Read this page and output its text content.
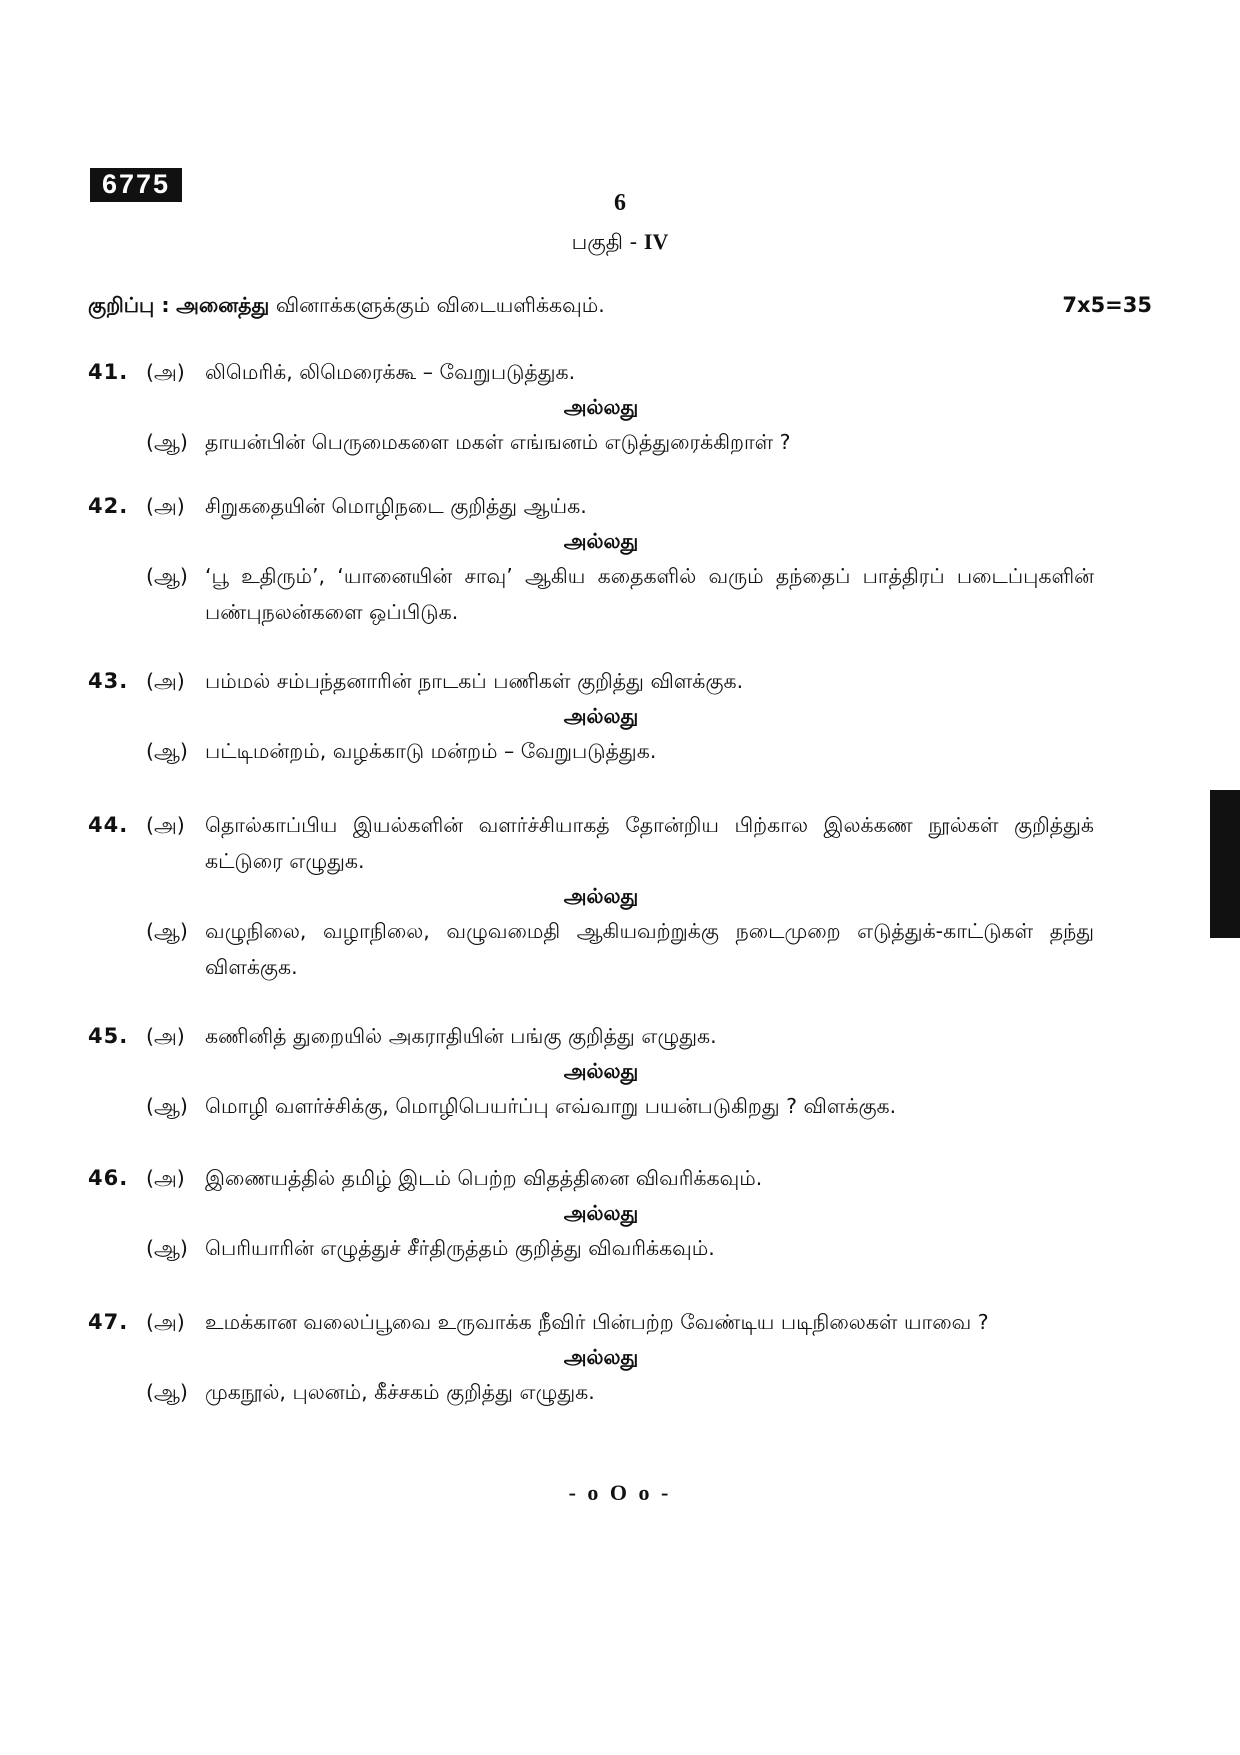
6775
6
பகுதி - IV
குறிப்பு : அனைத்து வினாக்களுக்கும் விடையளிக்கவும்.	7x5=35
41. (அ) லிமெரிக், லிமெரைக்கூ – வேறுபடுத்துக.
அல்லது
(ஆ) தாயன்பின் பெருமைகளை மகள் எங்ஙனம் எடுத்துரைக்கிறாள் ?
42. (அ) சிறுகதையின் மொழிநடை குறித்து ஆய்க.
அல்லது
(ஆ) ‘பூ உதிரும்’, ‘யானையின் சாவு’ ஆகிய கதைகளில் வரும் தந்தைப் பாத்திரப் படைப்புகளின் பண்புநலன்களை ஒப்பிடுக.
43. (அ) பம்மல் சம்பந்தனாரின் நாடகப் பணிகள் குறித்து விளக்குக.
அல்லது
(ஆ) பட்டிமன்றம், வழக்காடு மன்றம் – வேறுபடுத்துக.
44. (அ) தொல்காப்பிய இயல்களின் வளர்ச்சியாகத் தோன்றிய பிற்கால இலக்கண நூல்கள் குறித்துக் கட்டுரை எழுதுக.
அல்லது
(ஆ) வழுநிலை, வழாநிலை, வழுவமைதி ஆகியவற்றுக்கு நடைமுறை எடுத்துக்-காட்டுகள் தந்து விளக்குக.
45. (அ) கணினித் துறையில் அகராதியின் பங்கு குறித்து எழுதுக.
அல்லது
(ஆ) மொழி வளர்ச்சிக்கு, மொழிபெயர்ப்பு எவ்வாறு பயன்படுகிறது ? விளக்குக.
46. (அ) இணையத்தில் தமிழ் இடம் பெற்ற விதத்தினை விவரிக்கவும்.
அல்லது
(ஆ) பெரியாரின் எழுத்துச் சீர்திருத்தம் குறித்து விவரிக்கவும்.
47. (அ) உமக்கான வலைப்பூவை உருவாக்க நீவிர் பின்பற்ற வேண்டிய படிநிலைகள் யாவை ?
அல்லது
(ஆ) முகநூல், புலனம், கீச்சகம் குறித்து எழுதுக.
- o O o -
